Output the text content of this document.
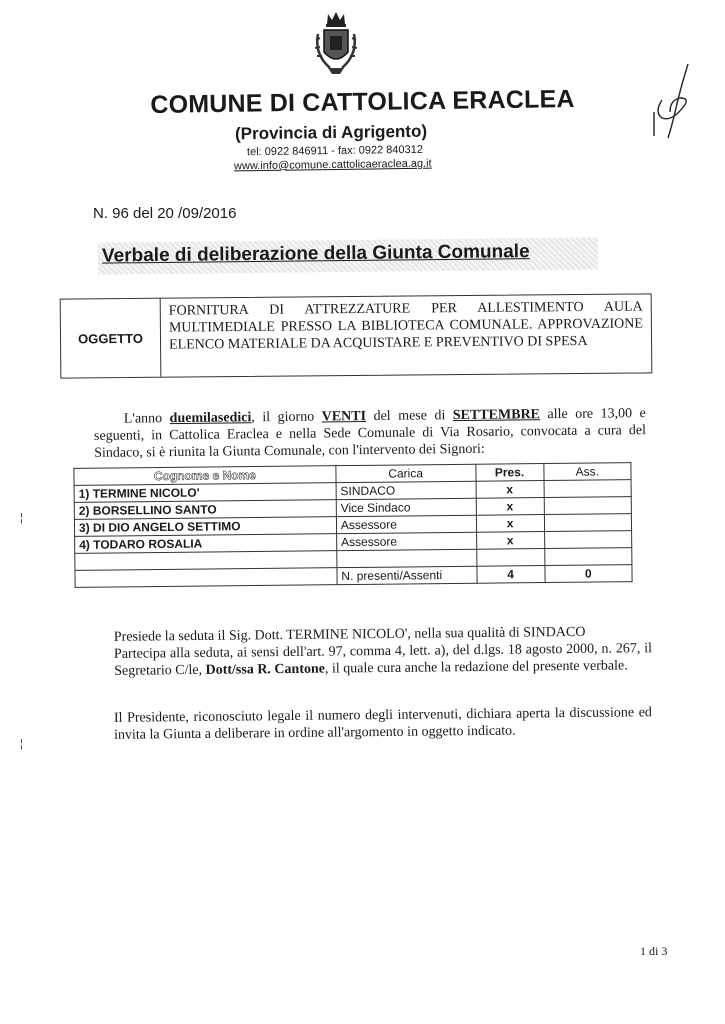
COMUNE DI CATTOLICA ERACLEA
(Provincia di Agrigento)
tel: 0922 846911 - fax: 0922 840312
www.info@comune.cattolicaeraclea.ag.it
N. 96 del 20 /09/2016
Verbale di deliberazione della Giunta Comunale
OGGETTO
FORNITURA DI ATTREZZATURE PER ALLESTIMENTO AULA MULTIMEDIALE PRESSO LA BIBLIOTECA COMUNALE. APPROVAZIONE ELENCO MATERIALE DA ACQUISTARE E PREVENTIVO DI SPESA
L'anno duemilasedici, il giorno VENTI del mese di SETTEMBRE alle ore 13,00 e seguenti, in Cattolica Eraclea e nella Sede Comunale di Via Rosario, convocata a cura del Sindaco, si è riunita la Giunta Comunale, con l'intervento dei Signori:
Cognome e Nome	Carica	Pres.	Ass.
1) TERMINE NICOLO'	SINDACO	x	
2) BORSELLINO SANTO	Vice Sindaco	x	
3) DI DIO ANGELO SETTIMO	Assessore	x	
4) TODARO ROSALIA	Assessore	x	

	N. presenti/Assenti	4	0
Presiede la seduta il Sig. Dott. TERMINE NICOLO', nella sua qualità di SINDACO
Partecipa alla seduta, ai sensi dell'art. 97, comma 4, lett. a), del d.lgs. 18 agosto 2000, n. 267, il Segretario C/le, Dott/ssa R. Cantone, il quale cura anche la redazione del presente verbale.
Il Presidente, riconosciuto legale il numero degli intervenuti, dichiara aperta la discussione ed invita la Giunta a deliberare in ordine all'argomento in oggetto indicato.
1 di 3
¦
¦
